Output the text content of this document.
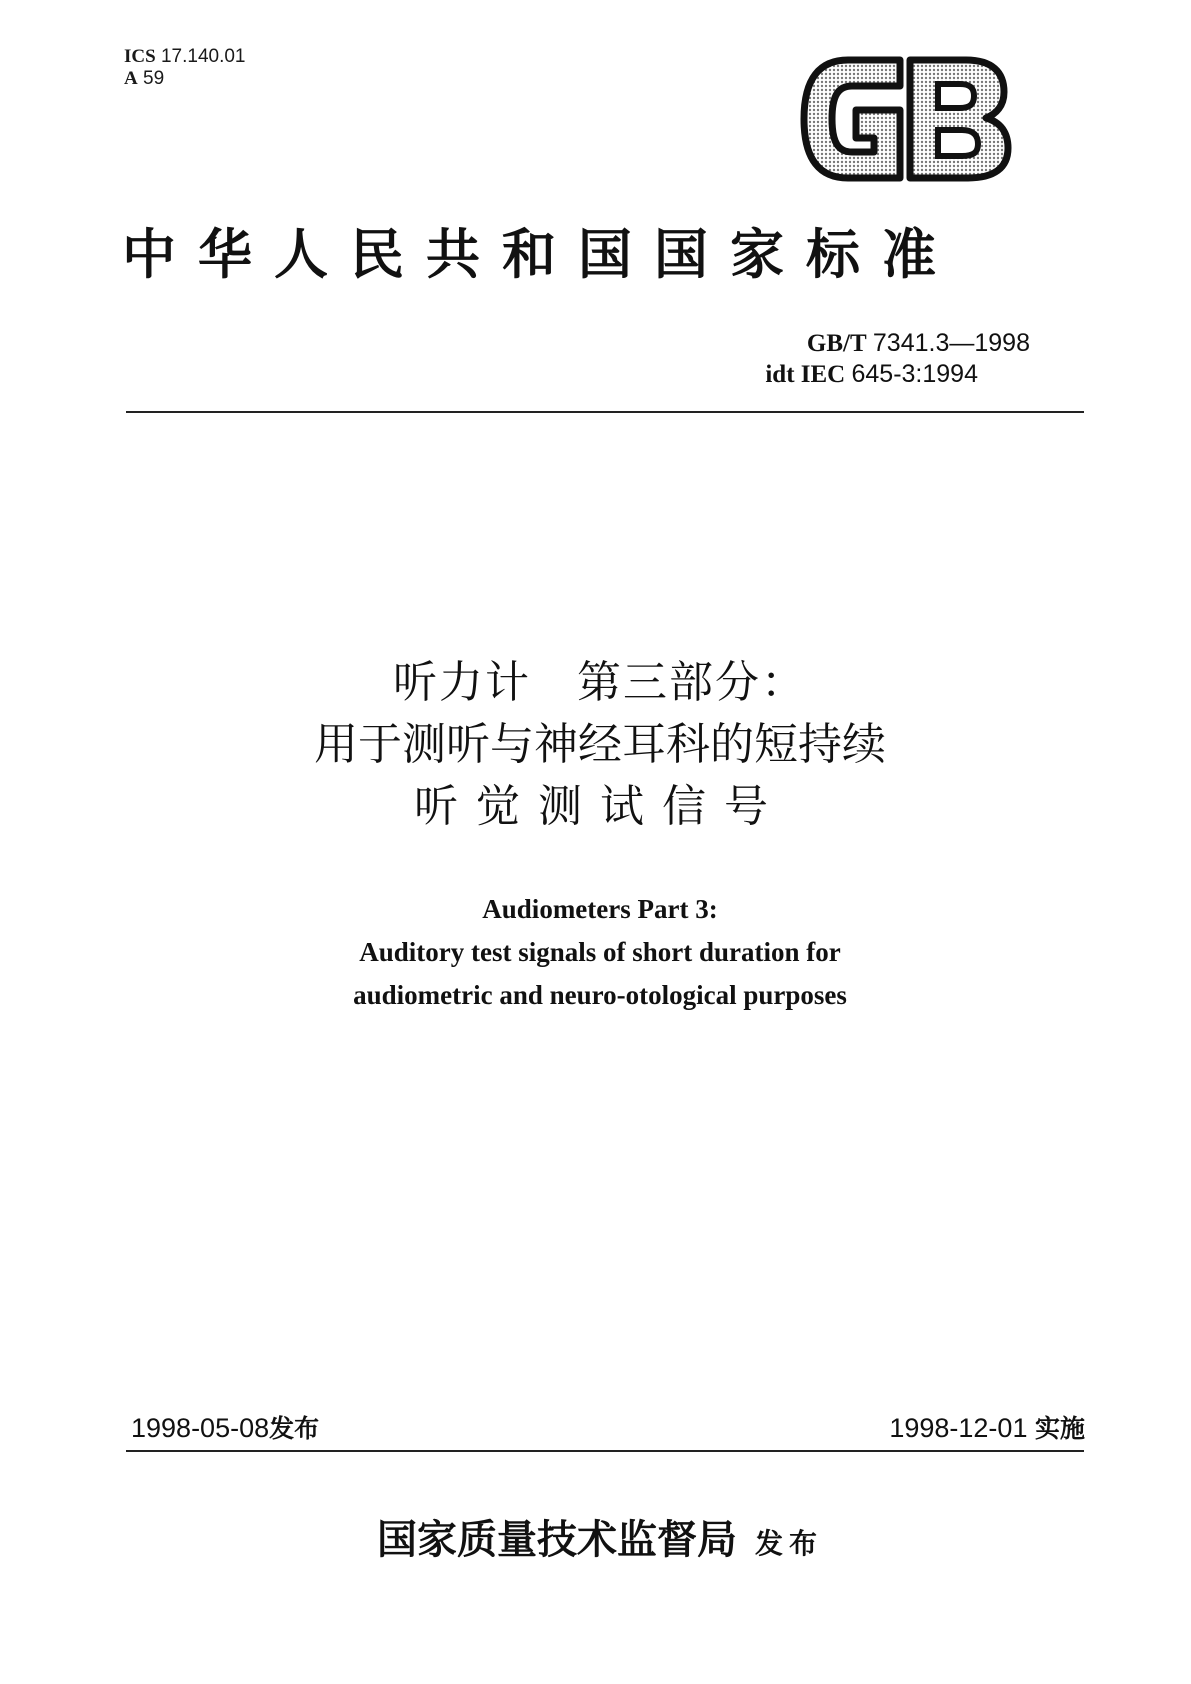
ICS 17.140.01
A 59
中华人民共和国国家标准
GB/T 7341.3—1998
idt IEC 645-3:1994
听力计　第三部分：
用于测听与神经耳科的短持续
听觉测试信号
Audiometers Part 3:
Auditory test signals of short duration for
audiometric and neuro-otological purposes
1998-05-08发布	1998-12-01 实施
国家质量技术监督局 发布
